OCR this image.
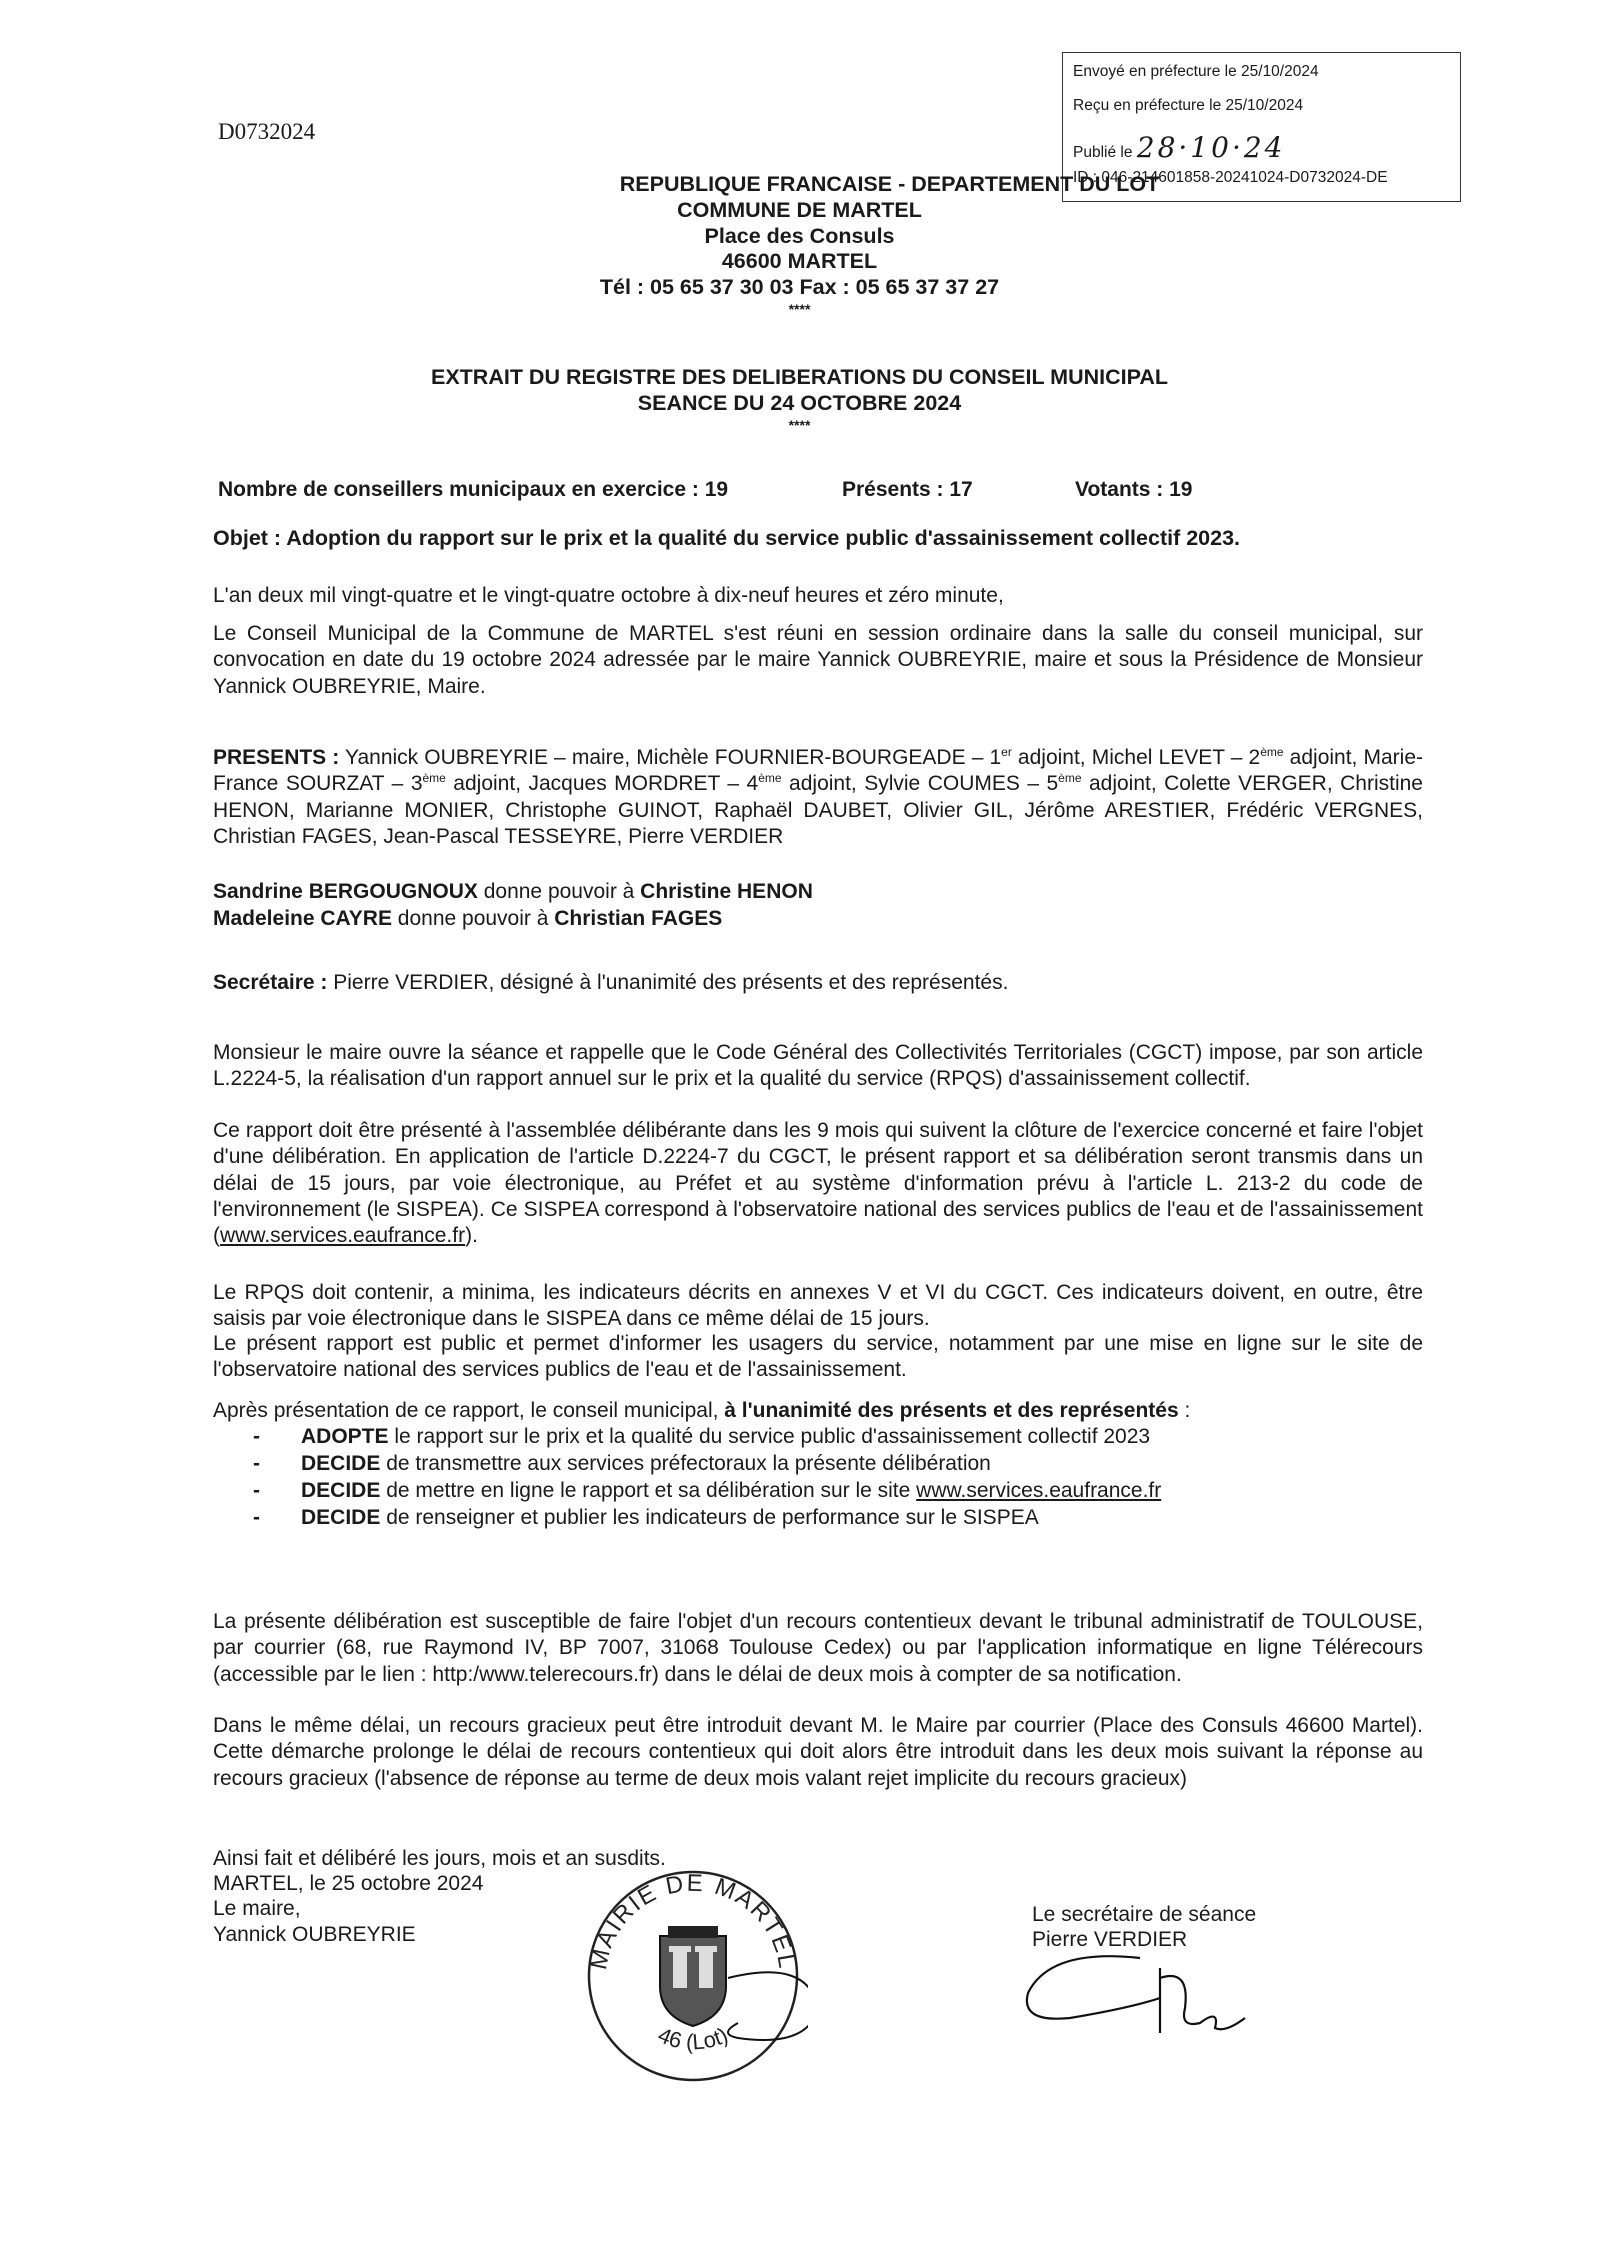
D0732024
Envoyé en préfecture le 25/10/2024
Reçu en préfecture le 25/10/2024
Publié le 28·10·24
ID : 046-214601858-20241024-D0732024-DE
REPUBLIQUE FRANCAISE - DEPARTEMENT DU LOT
COMMUNE DE MARTEL
Place des Consuls
46600 MARTEL
Tél : 05 65 37 30 03 Fax : 05 65 37 37 27
****
EXTRAIT DU REGISTRE DES DELIBERATIONS DU CONSEIL MUNICIPAL
SEANCE DU 24 OCTOBRE 2024
****
Nombre de conseillers municipaux en exercice : 19	Présents : 17	Votants : 19
Objet : Adoption du rapport sur le prix et la qualité du service public d'assainissement collectif 2023.
L'an deux mil vingt-quatre et le vingt-quatre octobre à dix-neuf heures et zéro minute,
Le Conseil Municipal de la Commune de MARTEL s'est réuni en session ordinaire dans la salle du conseil municipal, sur convocation en date du 19 octobre 2024 adressée par le maire Yannick OUBREYRIE, maire et sous la Présidence de Monsieur Yannick OUBREYRIE, Maire.
PRESENTS : Yannick OUBREYRIE – maire, Michèle FOURNIER-BOURGEADE – 1er adjoint, Michel LEVET – 2ème adjoint, Marie-France SOURZAT – 3ème adjoint, Jacques MORDRET – 4ème adjoint, Sylvie COUMES – 5ème adjoint, Colette VERGER, Christine HENON, Marianne MONIER, Christophe GUINOT, Raphaël DAUBET, Olivier GIL, Jérôme ARESTIER, Frédéric VERGNES, Christian FAGES, Jean-Pascal TESSEYRE, Pierre VERDIER
Sandrine BERGOUGNOUX donne pouvoir à Christine HENON
Madeleine CAYRE donne pouvoir à Christian FAGES
Secrétaire : Pierre VERDIER, désigné à l'unanimité des présents et des représentés.
Monsieur le maire ouvre la séance et rappelle que le Code Général des Collectivités Territoriales (CGCT) impose, par son article L.2224-5, la réalisation d'un rapport annuel sur le prix et la qualité du service (RPQS) d'assainissement collectif.
Ce rapport doit être présenté à l'assemblée délibérante dans les 9 mois qui suivent la clôture de l'exercice concerné et faire l'objet d'une délibération. En application de l'article D.2224-7 du CGCT, le présent rapport et sa délibération seront transmis dans un délai de 15 jours, par voie électronique, au Préfet et au système d'information prévu à l'article L. 213-2 du code de l'environnement (le SISPEA). Ce SISPEA correspond à l'observatoire national des services publics de l'eau et de l'assainissement (www.services.eaufrance.fr).
Le RPQS doit contenir, a minima, les indicateurs décrits en annexes V et VI du CGCT. Ces indicateurs doivent, en outre, être saisis par voie électronique dans le SISPEA dans ce même délai de 15 jours.
Le présent rapport est public et permet d'informer les usagers du service, notamment par une mise en ligne sur le site de l'observatoire national des services publics de l'eau et de l'assainissement.
Après présentation de ce rapport, le conseil municipal, à l'unanimité des présents et des représentés :
- ADOPTE le rapport sur le prix et la qualité du service public d'assainissement collectif 2023
- DECIDE de transmettre aux services préfectoraux la présente délibération
- DECIDE de mettre en ligne le rapport et sa délibération sur le site www.services.eaufrance.fr
- DECIDE de renseigner et publier les indicateurs de performance sur le SISPEA
La présente délibération est susceptible de faire l'objet d'un recours contentieux devant le tribunal administratif de TOULOUSE, par courrier (68, rue Raymond IV, BP 7007, 31068 Toulouse Cedex) ou par l'application informatique en ligne Télérecours (accessible par le lien : http:/www.telerecours.fr) dans le délai de deux mois à compter de sa notification.
Dans le même délai, un recours gracieux peut être introduit devant M. le Maire par courrier (Place des Consuls 46600 Martel). Cette démarche prolonge le délai de recours contentieux qui doit alors être introduit dans les deux mois suivant la réponse au recours gracieux (l'absence de réponse au terme de deux mois valant rejet implicite du recours gracieux)
Ainsi fait et délibéré les jours, mois et an susdits.
MARTEL, le 25 octobre 2024
Le maire,
Yannick OUBREYRIE
MAIRIE DE MARTEL
46 (Lot)
Le secrétaire de séance
Pierre VERDIER
